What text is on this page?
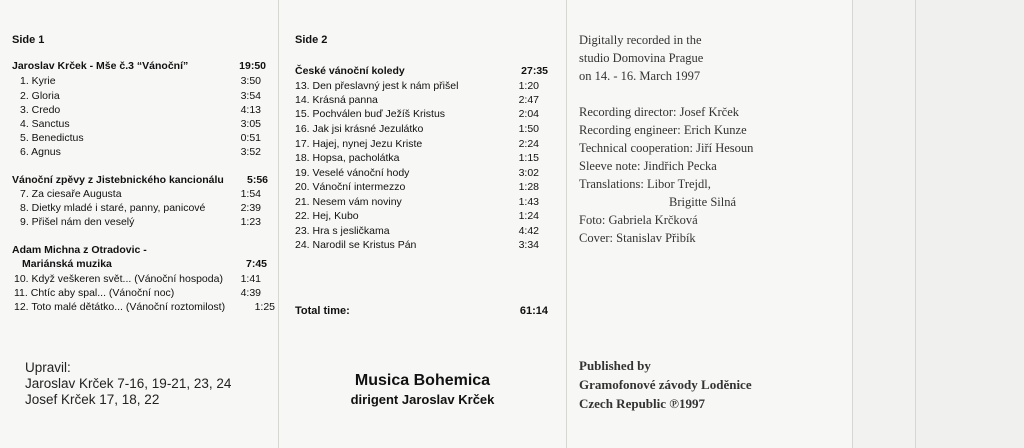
Side 1
Jaroslav Krček - Mše č.3 “Vánoční”	19:50
1. Kyrie	3:50
2. Gloria	3:54
3. Credo	4:13
4. Sanctus	3:05
5. Benedictus	0:51
6. Agnus	3:52
Vánoční zpěvy z Jistebnického kancionálu 5:56
7. Za ciesaře Augusta	1:54
8. Dietky mladé i staré, panny, panicové	2:39
9. Přišel nám den veselý	1:23
Adam Michna z Otradovic -
Mariánská muzika	7:45
10. Když veškeren svět... (Vánoční hospoda) 1:41
11. Chtíc aby spal... (Vánoční noc)	4:39
12. Toto malé dětátko... (Vánoční roztomilost)	1:25
Upravil:
Jaroslav Krček 7-16, 19-21, 23, 24
Josef Krček 17, 18, 22
Side 2
České vánoční koledy	27:35
13. Den přeslavný jest k nám přišel	1:20
14. Krásná panna	2:47
15. Pochválen buď Ježíš Kristus	2:04
16. Jak jsi krásné Jezulátko	1:50
17. Hajej, nynej Jezu Kriste	2:24
18. Hopsa, pacholátka	1:15
19. Veselé vánoční hody	3:02
20. Vánoční intermezzo	1:28
21. Nesem vám noviny	1:43
22. Hej, Kubo	1:24
23. Hra s jesličkama	4:42
24. Narodil se Kristus Pán	3:34
Total time:	61:14
Musica Bohemica
dirigent Jaroslav Krček
Digitally recorded in the
studio Domovina Prague
on 14. - 16. March 1997
Recording director: Josef Krček
Recording engineer: Erich Kunze
Technical cooperation: Jiří Hesoun
Sleeve note: Jindřich Pecka
Translations: Libor Trejdl,
Brigitte Silná
Foto: Gabriela Krčková
Cover: Stanislav Přibík
Published by
Gramofonové závody Loděnice
Czech Republic ℗1997
